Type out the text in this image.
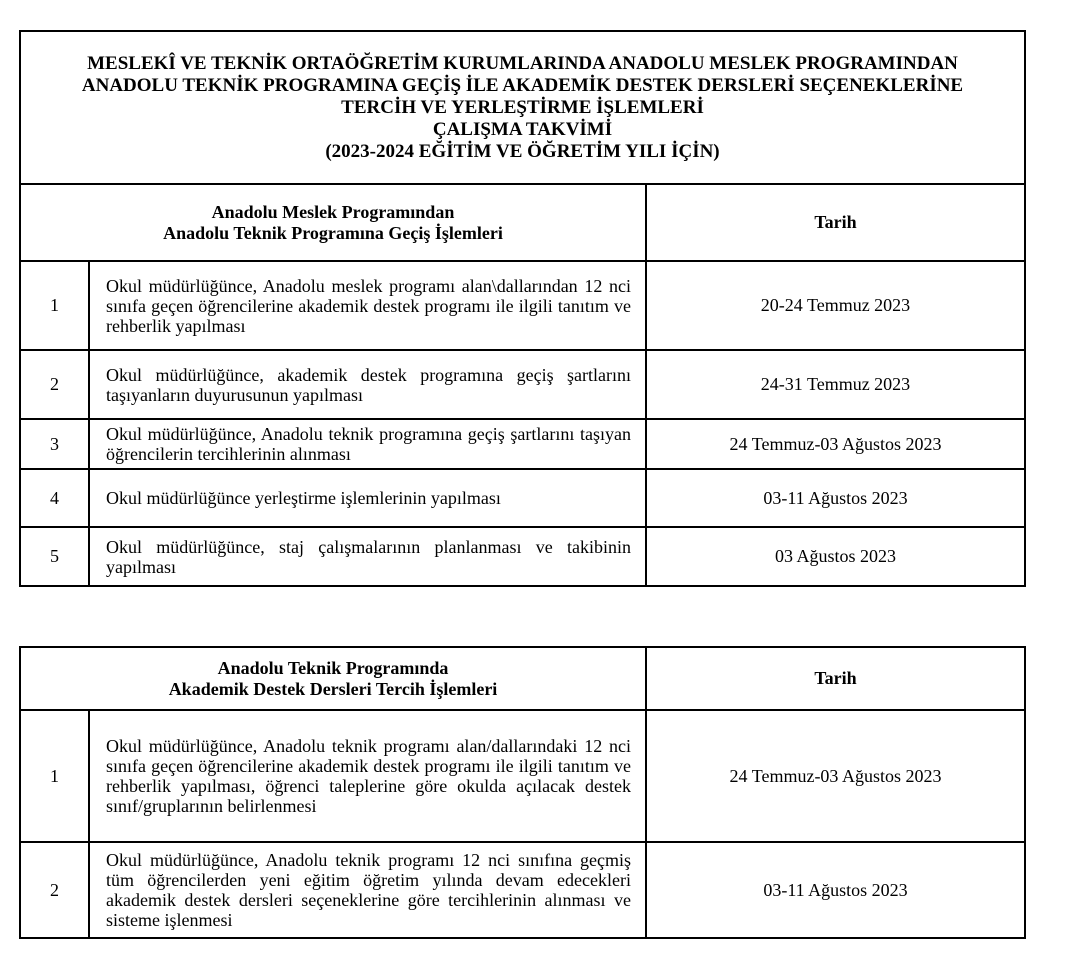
MESLEKÎ VE TEKNİK ORTAÖĞRETİM KURUMLARINDA ANADOLU MESLEK PROGRAMINDAN
ANADOLU TEKNİK PROGRAMINA GEÇİŞ İLE AKADEMİK DESTEK DERSLERİ SEÇENEKLERİNE
TERCİH VE YERLEŞTİRME İŞLEMLERİ
ÇALIŞMA TAKVİMİ
(2023-2024 EĞİTİM VE ÖĞRETİM YILI İÇİN)		

Anadolu Meslek Programından
Anadolu Teknik Programına Geçiş İşlemleri		Tarih
1	Okul müdürlüğünce, Anadolu meslek programı alan\dallarından 12 nci sınıfa geçen öğrencilerine akademik destek programı ile ilgili tanıtım ve rehberlik yapılması	20-24 Temmuz 2023
2	Okul müdürlüğünce, akademik destek programına geçiş şartlarını taşıyanların duyurusunun yapılması	24-31 Temmuz 2023
3	Okul müdürlüğünce, Anadolu teknik programına geçiş şartlarını taşıyan öğrencilerin tercihlerinin alınması	24 Temmuz-03 Ağustos 2023
4	Okul müdürlüğünce yerleştirme işlemlerinin yapılması	03-11 Ağustos 2023
5	Okul müdürlüğünce, staj çalışmalarının planlanması ve takibinin yapılması	03 Ağustos 2023
Anadolu Teknik Programında
Akademik Destek Dersleri Tercih İşlemleri		Tarih
1	Okul müdürlüğünce, Anadolu teknik programı alan/dallarındaki 12 nci sınıfa geçen öğrencilerine akademik destek programı ile ilgili tanıtım ve rehberlik yapılması, öğrenci taleplerine göre okulda açılacak destek sınıf/gruplarının belirlenmesi	24 Temmuz-03 Ağustos 2023
2	Okul müdürlüğünce, Anadolu teknik programı 12 nci sınıfına geçmiş tüm öğrencilerden yeni eğitim öğretim yılında devam edecekleri akademik destek dersleri seçeneklerine göre tercihlerinin alınması ve sisteme işlenmesi	03-11 Ağustos 2023
